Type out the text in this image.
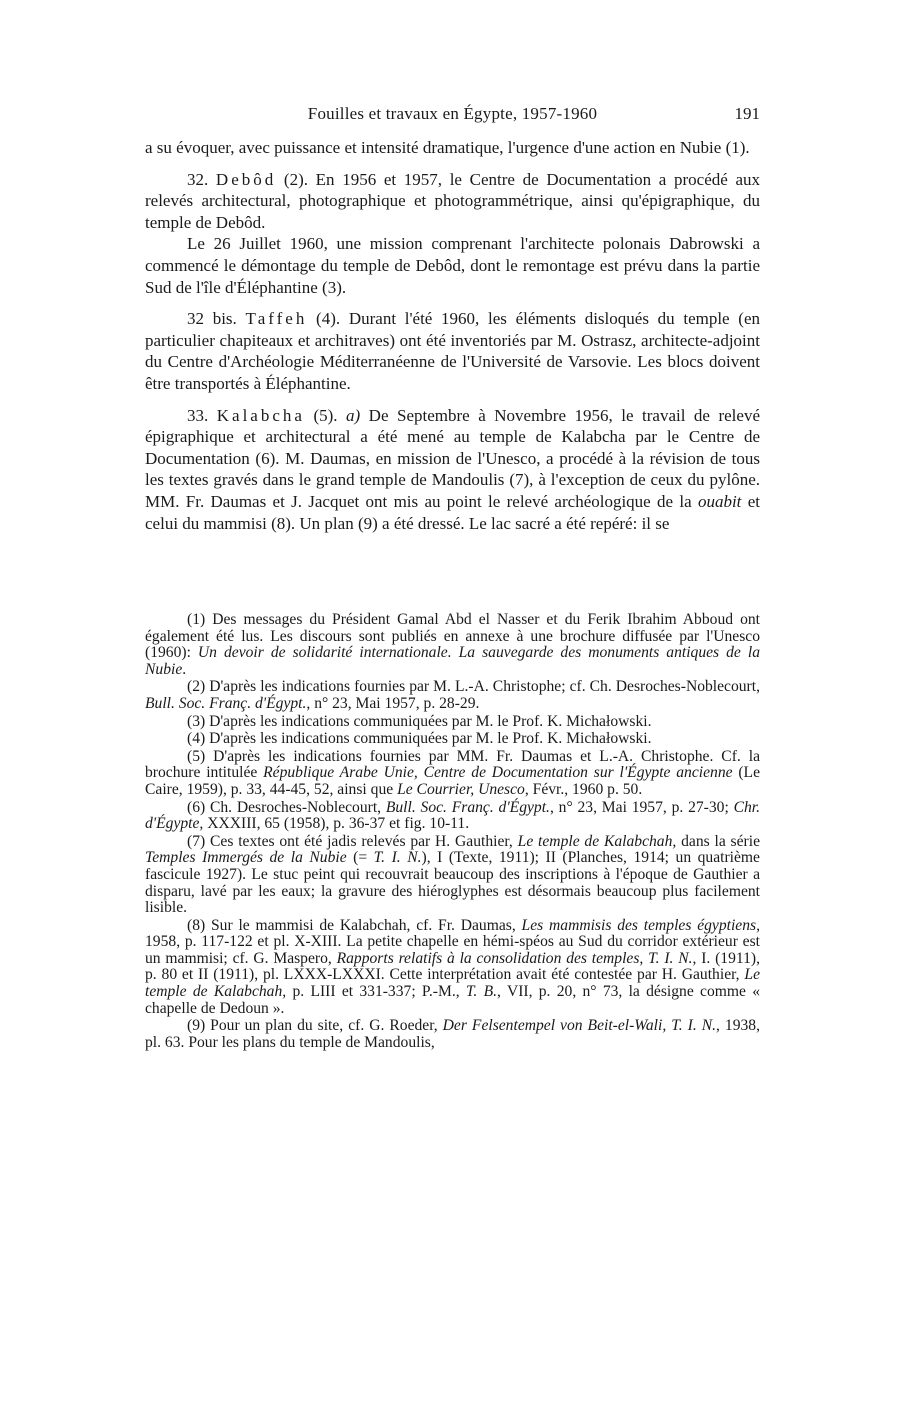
Fouilles et travaux en Égypte, 1957-1960	191

a su évoquer, avec puissance et intensité dramatique, l'urgence d'une action en Nubie (1).

32. Debôd (2). En 1956 et 1957, le Centre de Documentation a procédé aux relevés architectural, photographique et photogrammétrique, ainsi qu'épigraphique, du temple de Debôd.

Le 26 Juillet 1960, une mission comprenant l'architecte polonais Dabrowski a commencé le démontage du temple de Debôd, dont le remontage est prévu dans la partie Sud de l'île d'Éléphantine (3).

32 bis. Taffeh (4). Durant l'été 1960, les éléments disloqués du temple (en particulier chapiteaux et architraves) ont été inventoriés par M. Ostrasz, architecte-adjoint du Centre d'Archéologie Méditerranéenne de l'Université de Varsovie. Les blocs doivent être transportés à Éléphantine.

33. Kalabcha (5). a) De Septembre à Novembre 1956, le travail de relevé épigraphique et architectural a été mené au temple de Kalabcha par le Centre de Documentation (6). M. Daumas, en mission de l'Unesco, a procédé à la révision de tous les textes gravés dans le grand temple de Mandoulis (7), à l'exception de ceux du pylône. MM. Fr. Daumas et J. Jacquet ont mis au point le relevé archéologique de la ouabit et celui du mammisi (8). Un plan (9) a été dressé. Le lac sacré a été repéré: il se

(1) Des messages du Président Gamal Abd el Nasser et du Ferik Ibrahim Abboud ont également été lus. Les discours sont publiés en annexe à une brochure diffusée par l'Unesco (1960): Un devoir de solidarité internationale. La sauvegarde des monuments antiques de la Nubie.

(2) D'après les indications fournies par M. L.-A. Christophe; cf. Ch. Desroches-Noblecourt, Bull. Soc. Franç. d'Égypt., n° 23, Mai 1957, p. 28-29.

(3) D'après les indications communiquées par M. le Prof. K. Michałowski.

(4) D'après les indications communiquées par M. le Prof. K. Michałowski.

(5) D'après les indications fournies par MM. Fr. Daumas et L.-A. Christophe. Cf. la brochure intitulée République Arabe Unie, Centre de Documentation sur l'Égypte ancienne (Le Caire, 1959), p. 33, 44-45, 52, ainsi que Le Courrier, Unesco, Févr., 1960 p. 50.

(6) Ch. Desroches-Noblecourt, Bull. Soc. Franç. d'Égypt., n° 23, Mai 1957, p. 27-30; Chr. d'Égypte, XXXIII, 65 (1958), p. 36-37 et fig. 10-11.

(7) Ces textes ont été jadis relevés par H. Gauthier, Le temple de Kalabchah, dans la série Temples Immergés de la Nubie (= T. I. N.), I (Texte, 1911); II (Planches, 1914; un quatrième fascicule 1927). Le stuc peint qui recouvrait beaucoup des inscriptions à l'époque de Gauthier a disparu, lavé par les eaux; la gravure des hiéroglyphes est désormais beaucoup plus facilement lisible.

(8) Sur le mammisi de Kalabchah, cf. Fr. Daumas, Les mammisis des temples égyptiens, 1958, p. 117-122 et pl. X-XIII. La petite chapelle en hémi-spéos au Sud du corridor extérieur est un mammisi; cf. G. Maspero, Rapports relatifs à la consolidation des temples, T. I. N., I. (1911), p. 80 et II (1911), pl. LXXX-LXXXI. Cette interprétation avait été contestée par H. Gauthier, Le temple de Kalabchah, p. LIII et 331-337; P.-M., T. B., VII, p. 20, n° 73, la désigne comme « chapelle de Dedoun ».

(9) Pour un plan du site, cf. G. Roeder, Der Felsentempel von Beit-el-Wali, T. I. N., 1938, pl. 63. Pour les plans du temple de Mandoulis,
